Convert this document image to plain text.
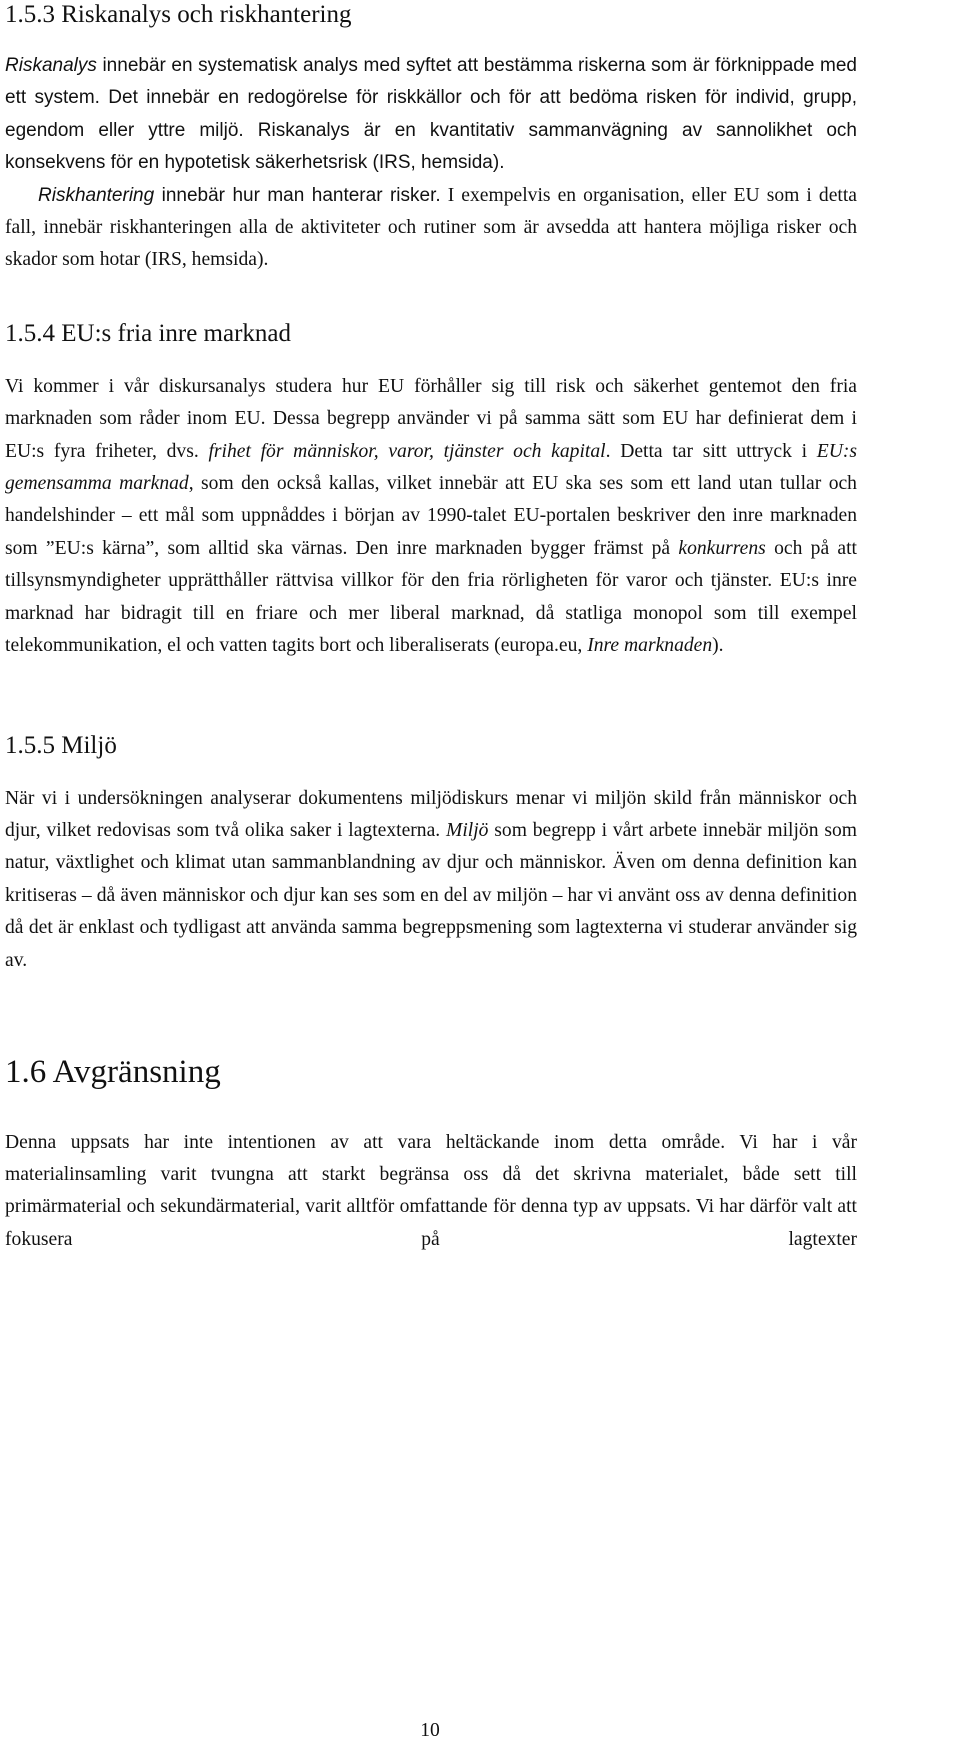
1.5.3 Riskanalys och riskhantering

Riskanalys innebär en systematisk analys med syftet att bestämma riskerna som är förknippade med ett system. Det innebär en redogörelse för riskkällor och för att bedöma risken för individ, grupp, egendom eller yttre miljö. Riskanalys är en kvantitativ sammanvägning av sannolikhet och konsekvens för en hypotetisk säkerhetsrisk (IRS, hemsida).

Riskhantering innebär hur man hanterar risker. I exempelvis en organisation, eller EU som i detta fall, innebär riskhanteringen alla de aktiviteter och rutiner som är avsedda att hantera möjliga risker och skador som hotar (IRS, hemsida).

1.5.4 EU:s fria inre marknad

Vi kommer i vår diskursanalys studera hur EU förhåller sig till risk och säkerhet gentemot den fria marknaden som råder inom EU. Dessa begrepp använder vi på samma sätt som EU har definierat dem i EU:s fyra friheter, dvs. frihet för människor, varor, tjänster och kapital. Detta tar sitt uttryck i EU:s gemensamma marknad, som den också kallas, vilket innebär att EU ska ses som ett land utan tullar och handelshinder – ett mål som uppnåddes i början av 1990-talet EU-portalen beskriver den inre marknaden som ”EU:s kärna”, som alltid ska värnas. Den inre marknaden bygger främst på konkurrens och på att tillsynsmyndigheter upprätthåller rättvisa villkor för den fria rörligheten för varor och tjänster. EU:s inre marknad har bidragit till en friare och mer liberal marknad, då statliga monopol som till exempel telekommunikation, el och vatten tagits bort och liberaliserats (europa.eu, Inre marknaden).

1.5.5 Miljö

När vi i undersökningen analyserar dokumentens miljödiskurs menar vi miljön skild från människor och djur, vilket redovisas som två olika saker i lagtexterna. Miljö som begrepp i vårt arbete innebär miljön som natur, växtlighet och klimat utan sammanblandning av djur och människor. Även om denna definition kan kritiseras – då även människor och djur kan ses som en del av miljön – har vi använt oss av denna definition då det är enklast och tydligast att använda samma begreppsmening som lagtexterna vi studerar använder sig av.

1.6 Avgränsning

Denna uppsats har inte intentionen av att vara heltäckande inom detta område. Vi har i vår materialinsamling varit tvungna att starkt begränsa oss då det skrivna materialet, både sett till primärmaterial och sekundärmaterial, varit alltför omfattande för denna typ av uppsats. Vi har därför valt att fokusera på lagtexter

10
